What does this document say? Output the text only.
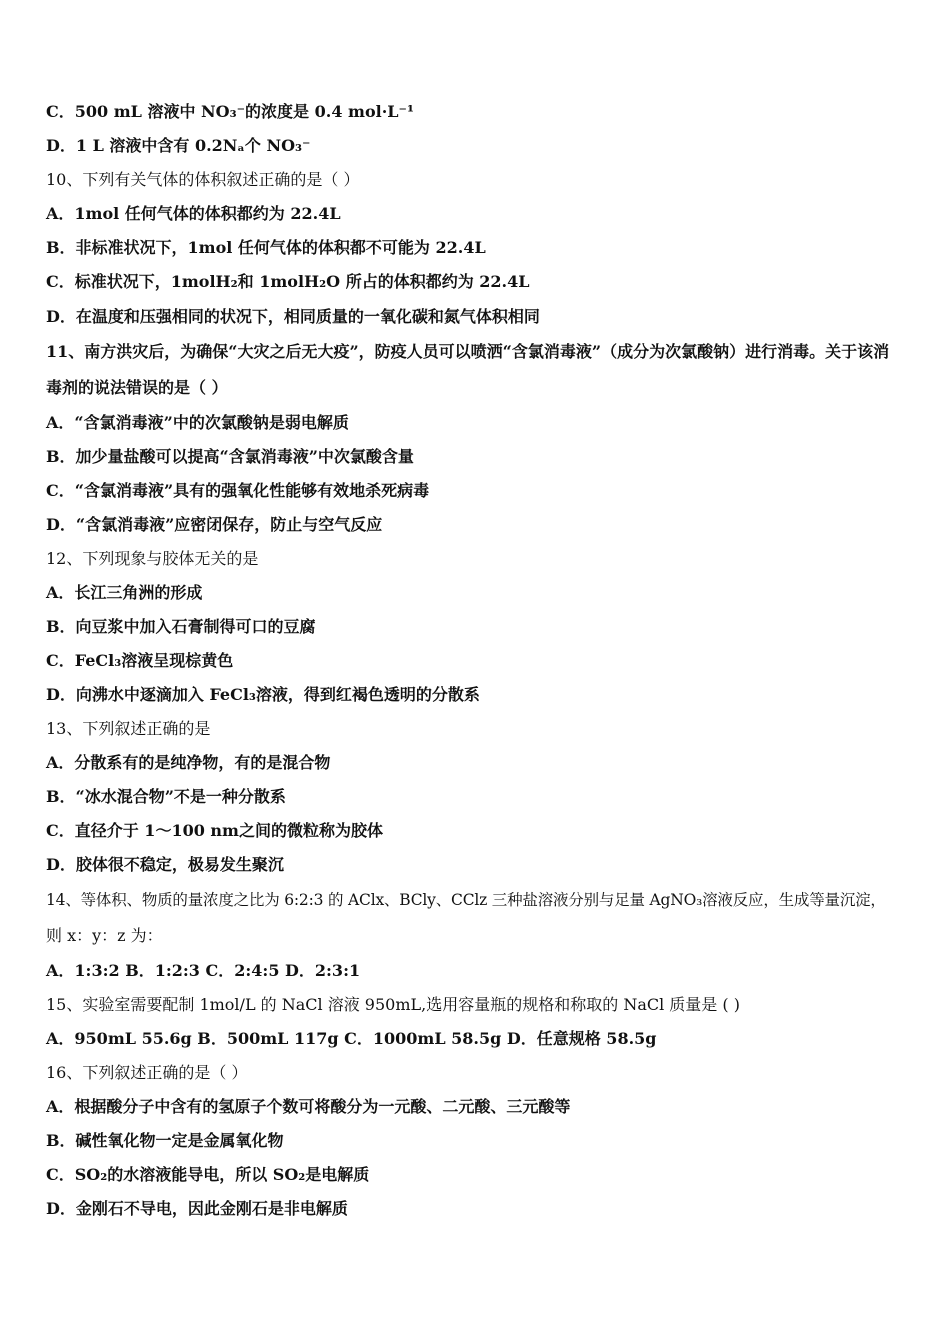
C．500 mL 溶液中 NO₃⁻的浓度是 0.4 mol·L⁻¹
D．1 L 溶液中含有 0.2Nₐ个 NO₃⁻
10、下列有关气体的体积叙述正确的是（ ）
A．1mol 任何气体的体积都约为 22.4L
B．非标准状况下，1mol 任何气体的体积都不可能为 22.4L
C．标准状况下，1molH₂和 1molH₂O 所占的体积都约为 22.4L
D．在温度和压强相同的状况下，相同质量的一氧化碳和氮气体积相同
11、南方洪灾后，为确保“大灾之后无大疫”，防疫人员可以喷洒“含氯消毒液”（成分为次氯酸钠）进行消毒。关于该消
毒剂的说法错误的是（ ）
A．“含氯消毒液”中的次氯酸钠是弱电解质
B．加少量盐酸可以提高“含氯消毒液”中次氯酸含量
C．“含氯消毒液”具有的强氧化性能够有效地杀死病毒
D．“含氯消毒液”应密闭保存，防止与空气反应
12、下列现象与胶体无关的是
A．长江三角洲的形成
B．向豆浆中加入石膏制得可口的豆腐
C．FeCl₃溶液呈现棕黄色
D．向沸水中逐滴加入 FeCl₃溶液，得到红褐色透明的分散系
13、下列叙述正确的是
A．分散系有的是纯净物，有的是混合物
B．“冰水混合物”不是一种分散系
C．直径介于 1～100 nm之间的微粒称为胶体
D．胶体很不稳定，极易发生聚沉
14、等体积、物质的量浓度之比为 6:2:3 的 AClx、BCly、CClz 三种盐溶液分别与足量 AgNO₃溶液反应，生成等量沉淀，
则 x：y：z 为：
A．1:3:2 B．1:2:3 C．2:4:5 D．2:3:1
15、实验室需要配制 1mol/L 的 NaCl 溶液 950mL,选用容量瓶的规格和称取的 NaCl 质量是 ( )
A．950mL 55.6g B．500mL 117g C．1000mL 58.5g D．任意规格 58.5g
16、下列叙述正确的是（ ）
A．根据酸分子中含有的氢原子个数可将酸分为一元酸、二元酸、三元酸等
B．碱性氧化物一定是金属氧化物
C．SO₂的水溶液能导电，所以 SO₂是电解质
D．金刚石不导电，因此金刚石是非电解质
